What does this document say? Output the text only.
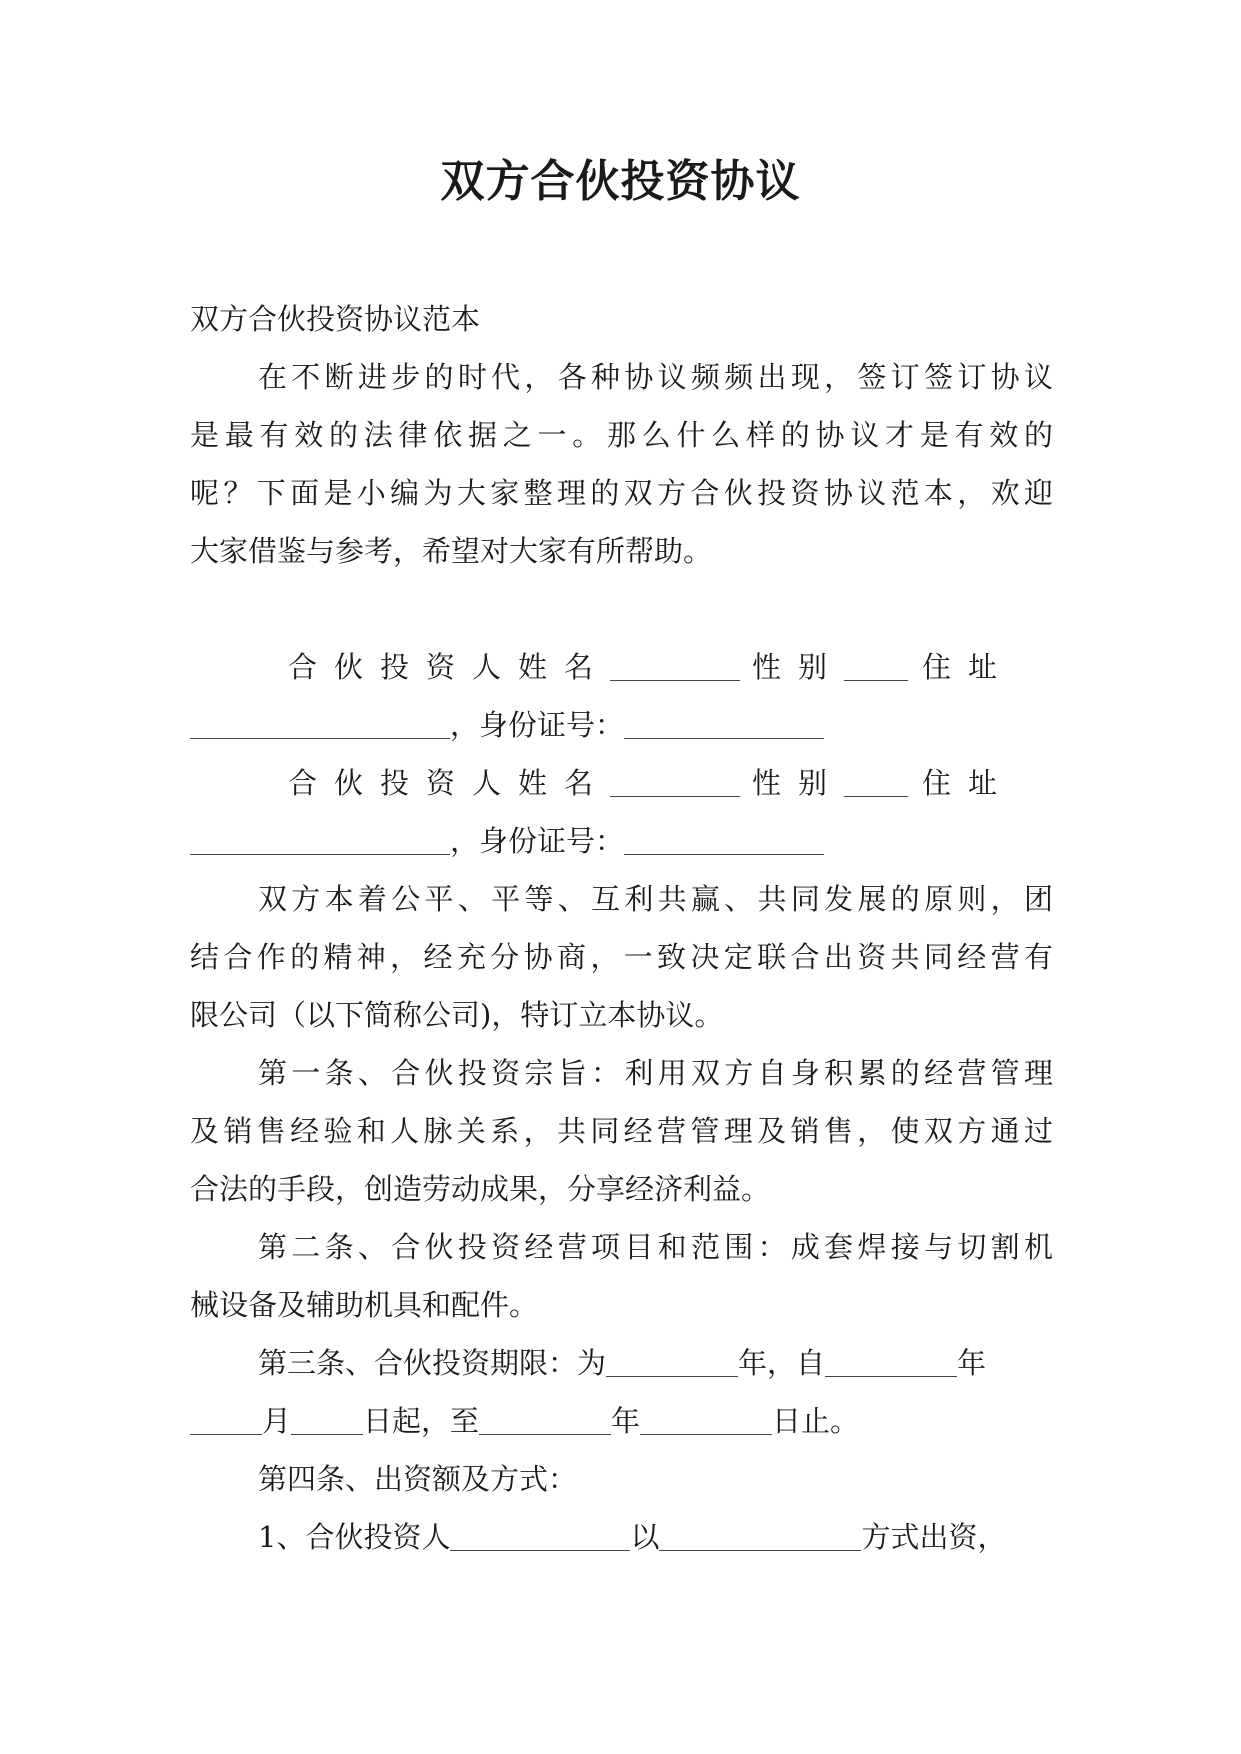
双方合伙投资协议
双方合伙投资协议范本
在不断进步的时代，各种协议频频出现，签订签订协议
是最有效的法律依据之一。那么什么样的协议才是有效的
呢？下面是小编为大家整理的双方合伙投资协议范本，欢迎
大家借鉴与参考，希望对大家有所帮助。
合伙投资人姓名	性别	住址
，身份证号：
合伙投资人姓名	性别	住址
，身份证号：
双方本着公平、平等、互利共赢、共同发展的原则，团
结合作的精神，经充分协商，一致决定联合出资共同经营有
限公司（以下简称公司)，特订立本协议。
第一条、合伙投资宗旨：利用双方自身积累的经营管理
及销售经验和人脉关系，共同经营管理及销售，使双方通过
合法的手段，创造劳动成果，分享经济利益。
第二条、合伙投资经营项目和范围：成套焊接与切割机
械设备及辅助机具和配件。
第三条、合伙投资期限：为	年，自	年
月 日起，至	年	日止。
第四条、出资额及方式：
1、合伙投资人	以	方式出资，
